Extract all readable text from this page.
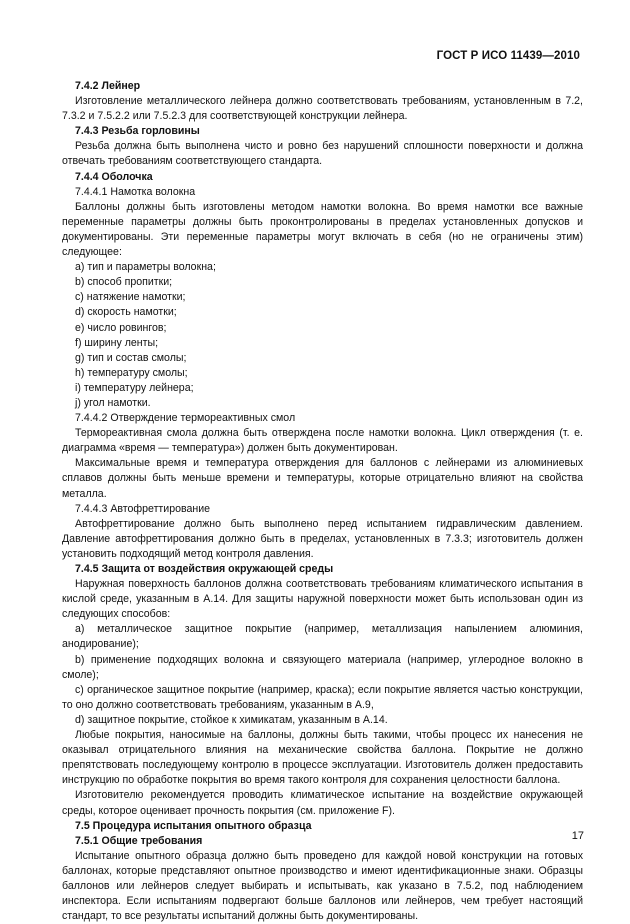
ГОСТ Р ИСО 11439—2010

7.4.2 Лейнер

Изготовление металлического лейнера должно соответствовать требованиям, установленным в 7.2, 7.3.2 и 7.5.2.2 или 7.5.2.3 для соответствующей конструкции лейнера.

7.4.3 Резьба горловины

Резьба должна быть выполнена чисто и ровно без нарушений сплошности поверхности и должна отвечать требованиям соответствующего стандарта.

7.4.4 Оболочка

7.4.4.1 Намотка волокна

Баллоны должны быть изготовлены методом намотки волокна. Во время намотки все важные переменные параметры должны быть проконтролированы в пределах установленных допусков и документированы. Эти переменные параметры могут включать в себя (но не ограничены этим) следующее:

a) тип и параметры волокна;

b) способ пропитки;

c) натяжение намотки;

d) скорость намотки;

e) число ровингов;

f) ширину ленты;

g) тип и состав смолы;

h) температуру смолы;

i) температуру лейнера;

j) угол намотки.

7.4.4.2 Отверждение термореактивных смол

Термореактивная смола должна быть отверждена после намотки волокна. Цикл отверждения (т. е. диаграмма «время — температура») должен быть документирован.

Максимальные время и температура отверждения для баллонов с лейнерами из алюминиевых сплавов должны быть меньше времени и температуры, которые отрицательно влияют на свойства металла.

7.4.4.3 Автофреттирование

Автофреттирование должно быть выполнено перед испытанием гидравлическим давлением. Давление автофреттирования должно быть в пределах, установленных в 7.3.3; изготовитель должен установить подходящий метод контроля давления.

7.4.5 Защита от воздействия окружающей среды

Наружная поверхность баллонов должна соответствовать требованиям климатического испытания в кислой среде, указанным в А.14. Для защиты наружной поверхности может быть использован один из следующих способов:

a) металлическое защитное покрытие (например, металлизация напылением алюминия, анодирование);

b) применение подходящих волокна и связующего материала (например, углеродное волокно в смоле);

c) органическое защитное покрытие (например, краска); если покрытие является частью конструкции, то оно должно соответствовать требованиям, указанным в А.9,

d) защитное покрытие, стойкое к химикатам, указанным в А.14.

Любые покрытия, наносимые на баллоны, должны быть такими, чтобы процесс их нанесения не оказывал отрицательного влияния на механические свойства баллона. Покрытие не должно препятствовать последующему контролю в процессе эксплуатации. Изготовитель должен предоставить инструкцию по обработке покрытия во время такого контроля для сохранения целостности баллона.

Изготовителю рекомендуется проводить климатическое испытание на воздействие окружающей среды, которое оценивает прочность покрытия (см. приложение F).

7.5 Процедура испытания опытного образца

7.5.1 Общие требования

Испытание опытного образца должно быть проведено для каждой новой конструкции на готовых баллонах, которые представляют опытное производство и имеют идентификационные знаки. Образцы баллонов или лейнеров следует выбирать и испытывать, как указано в 7.5.2, под наблюдением инспектора. Если испытаниям подвергают больше баллонов или лейнеров, чем требует настоящий стандарт, то все результаты испытаний должны быть документированы.

17
